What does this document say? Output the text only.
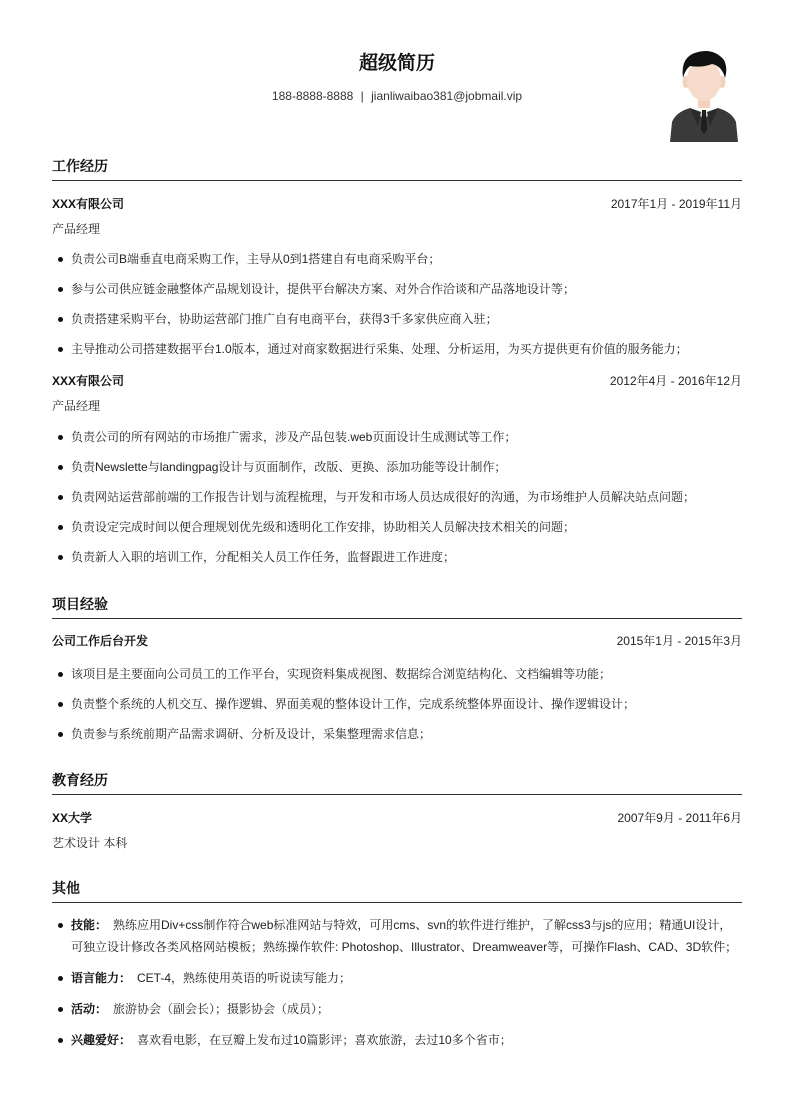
超级简历
188-8888-8888 | jianliwaibao381@jobmail.vip
工作经历
XXX有限公司	2017年1月 - 2019年11月
产品经理
负责公司B端垂直电商采购工作，主导从0到1搭建自有电商采购平台；
参与公司供应链金融整体产品规划设计，提供平台解决方案、对外合作洽谈和产品落地设计等；
负责搭建采购平台，协助运营部门推广自有电商平台，获得3千多家供应商入驻；
主导推动公司搭建数据平台1.0版本，通过对商家数据进行采集、处理、分析运用，为买方提供更有价值的服务能力；
XXX有限公司	2012年4月 - 2016年12月
产品经理
负责公司的所有网站的市场推广需求，涉及产品包装.web页面设计生成测试等工作；
负责Newslette与landingpag设计与页面制作，改版、更换、添加功能等设计制作；
负责网站运营部前端的工作报告计划与流程梳理，与开发和市场人员达成很好的沟通，为市场维护人员解决站点问题；
负责设定完成时间以便合理规划优先级和透明化工作安排，协助相关人员解决技术相关的问题；
负责新人入职的培训工作，分配相关人员工作任务，监督跟进工作进度；
项目经验
公司工作后台开发	2015年1月 - 2015年3月
该项目是主要面向公司员工的工作平台，实现资料集成视图、数据综合浏览结构化、文档编辑等功能；
负责整个系统的人机交互、操作逻辑、界面美观的整体设计工作，完成系统整体界面设计、操作逻辑设计；
负责参与系统前期产品需求调研、分析及设计，采集整理需求信息；
教育经历
XX大学	2007年9月 - 2011年6月
艺术设计 本科
其他
技能： 熟练应用Div+css制作符合web标准网站与特效，可用cms、svn的软件进行维护，了解css3与js的应用；精通UI设计，可独立设计修改各类风格网站模板；熟练操作软件: Photoshop、Illustrator、Dreamweaver等，可操作Flash、CAD、3D软件；
语言能力： CET-4，熟练使用英语的听说读写能力；
活动： 旅游协会（副会长）；摄影协会（成员）；
兴趣爱好： 喜欢看电影，在豆瓣上发布过10篇影评；喜欢旅游，去过10多个省市；
